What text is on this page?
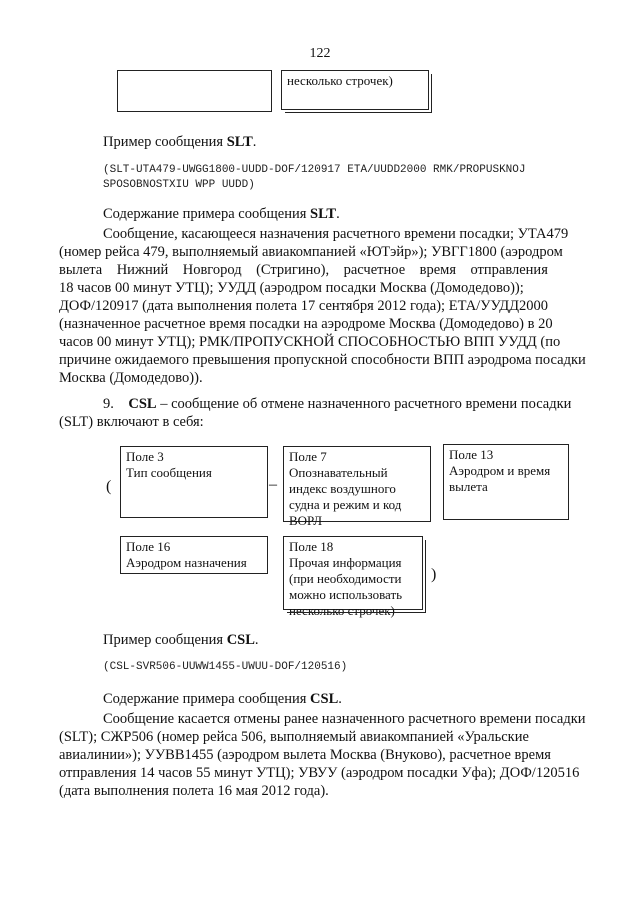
122
несколько строчек)
Пример сообщения SLT.
(SLT-UTA479-UWGG1800-UUDD-DOF/120917 ETA/UUDD2000 RMK/PROPUSKNOJ
SPOSOBNOSTXIU WPP UUDD)
Содержание примера сообщения SLT.
Сообщение, касающееся назначения расчетного времени посадки; УТА479
(номер рейса 479, выполняемый авиакомпанией «ЮТэйр»); УВГГ1800 (аэродром
вылета    Нижний    Новгород    (Стригино),    расчетное    время    отправления
18 часов 00 минут УТЦ); УУДД (аэродром посадки Москва (Домодедово));
ДОФ/120917 (дата выполнения полета 17 сентября 2012 года); ЕТА/УУДД2000
(назначенное расчетное время посадки на аэродроме Москва (Домодедово) в 20
часов 00 минут УТЦ); РМК/ПРОПУСКНОЙ СПОСОБНОСТЬЮ ВПП УУДД (по
причине ожидаемого превышения пропускной способности ВПП аэродрома посадки
Москва (Домодедово)).
9. CSL – сообщение об отмене назначенного расчетного времени посадки
(SLT) включают в себя:
(
Поле 3
Тип сообщения
–
Поле 7
Опознавательный
индекс воздушного
судна и режим и код
ВОРЛ
Поле 13
Аэродром и время
вылета
Поле 16
Аэродром назначения
Поле 18
Прочая информация
(при необходимости
можно использовать
несколько строчек)
)
Пример сообщения CSL.
(CSL-SVR506-UUWW1455-UWUU-DOF/120516)
Содержание примера сообщения CSL.
Сообщение касается отмены ранее назначенного расчетного времени посадки
(SLT); СЖР506 (номер рейса 506, выполняемый авиакомпанией «Уральские
авиалинии»); УУВВ1455 (аэродром вылета Москва (Внуково), расчетное время
отправления 14 часов 55 минут УТЦ); УВУУ (аэродром посадки Уфа); ДОФ/120516
(дата выполнения полета 16 мая 2012 года).
